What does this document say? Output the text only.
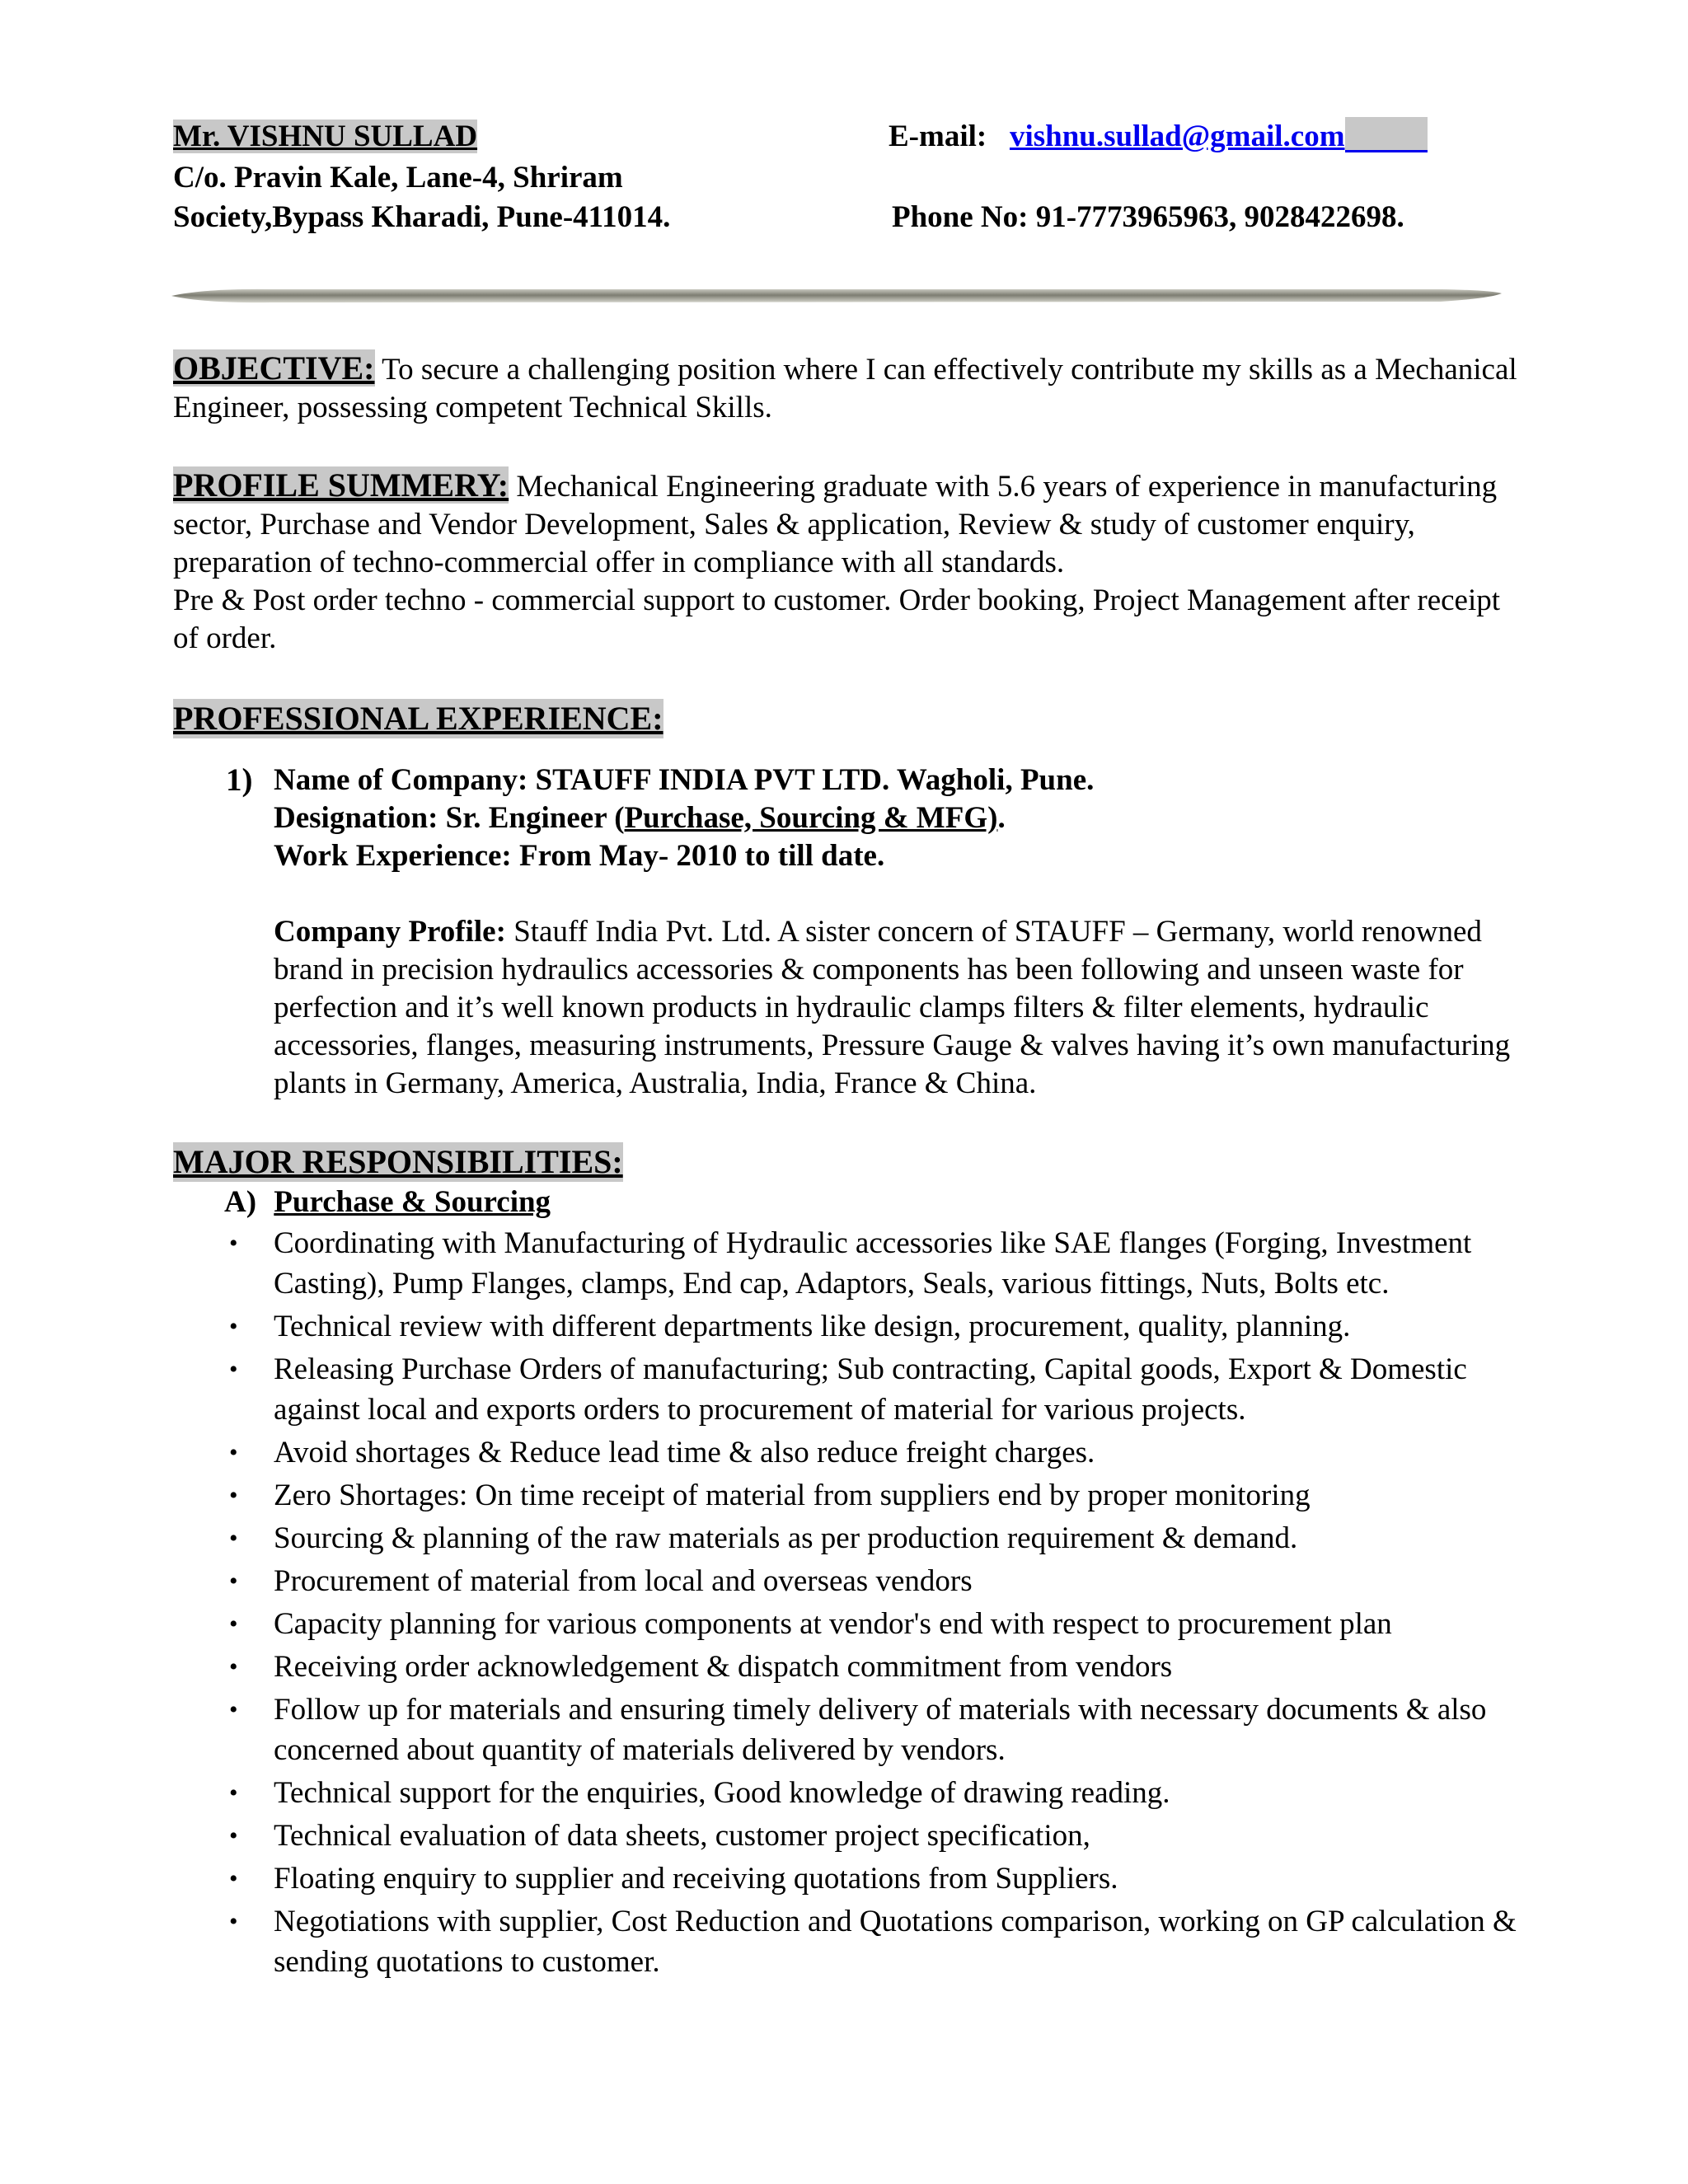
Mr. VISHNU SULLAD	E-mail: vishnu.sullad@gmail.com
C/o. Pravin Kale, Lane-4, Shriram
Society,Bypass Kharadi, Pune-411014.	Phone No: 91-7773965963, 9028422698.
OBJECTIVE: To secure a challenging position where I can effectively contribute my skills as a Mechanical Engineer, possessing competent Technical Skills.
PROFILE SUMMERY: Mechanical Engineering graduate with 5.6 years of experience in manufacturing sector, Purchase and Vendor Development, Sales & application, Review & study of customer enquiry, preparation of techno-commercial offer in compliance with all standards.
Pre & Post order techno - commercial support to customer. Order booking, Project Management after receipt of order.
PROFESSIONAL EXPERIENCE:
1) Name of Company: STAUFF INDIA PVT LTD. Wagholi, Pune.
Designation: Sr. Engineer (Purchase, Sourcing & MFG).
Work Experience: From May- 2010 to till date.
Company Profile: Stauff India Pvt. Ltd. A sister concern of STAUFF – Germany, world renowned brand in precision hydraulics accessories & components has been following and unseen waste for perfection and it’s well known products in hydraulic clamps filters & filter elements, hydraulic accessories, flanges, measuring instruments, Pressure Gauge & valves having it’s own manufacturing plants in Germany, America, Australia, India, France & China.
MAJOR RESPONSIBILITIES:
A) Purchase & Sourcing
• Coordinating with Manufacturing of Hydraulic accessories like SAE flanges (Forging, Investment Casting), Pump Flanges, clamps, End cap, Adaptors, Seals, various fittings, Nuts, Bolts etc.
• Technical review with different departments like design, procurement, quality, planning.
• Releasing Purchase Orders of manufacturing; Sub contracting, Capital goods, Export & Domestic against local and exports orders to procurement of material for various projects.
• Avoid shortages & Reduce lead time & also reduce freight charges.
• Zero Shortages: On time receipt of material from suppliers end by proper monitoring
• Sourcing & planning of the raw materials as per production requirement & demand.
• Procurement of material from local and overseas vendors
• Capacity planning for various components at vendor's end with respect to procurement plan
• Receiving order acknowledgement & dispatch commitment from vendors
• Follow up for materials and ensuring timely delivery of materials with necessary documents & also concerned about quantity of materials delivered by vendors.
• Technical support for the enquiries, Good knowledge of drawing reading.
• Technical evaluation of data sheets, customer project specification,
• Floating enquiry to supplier and receiving quotations from Suppliers.
• Negotiations with supplier, Cost Reduction and Quotations comparison, working on GP calculation & sending quotations to customer.
